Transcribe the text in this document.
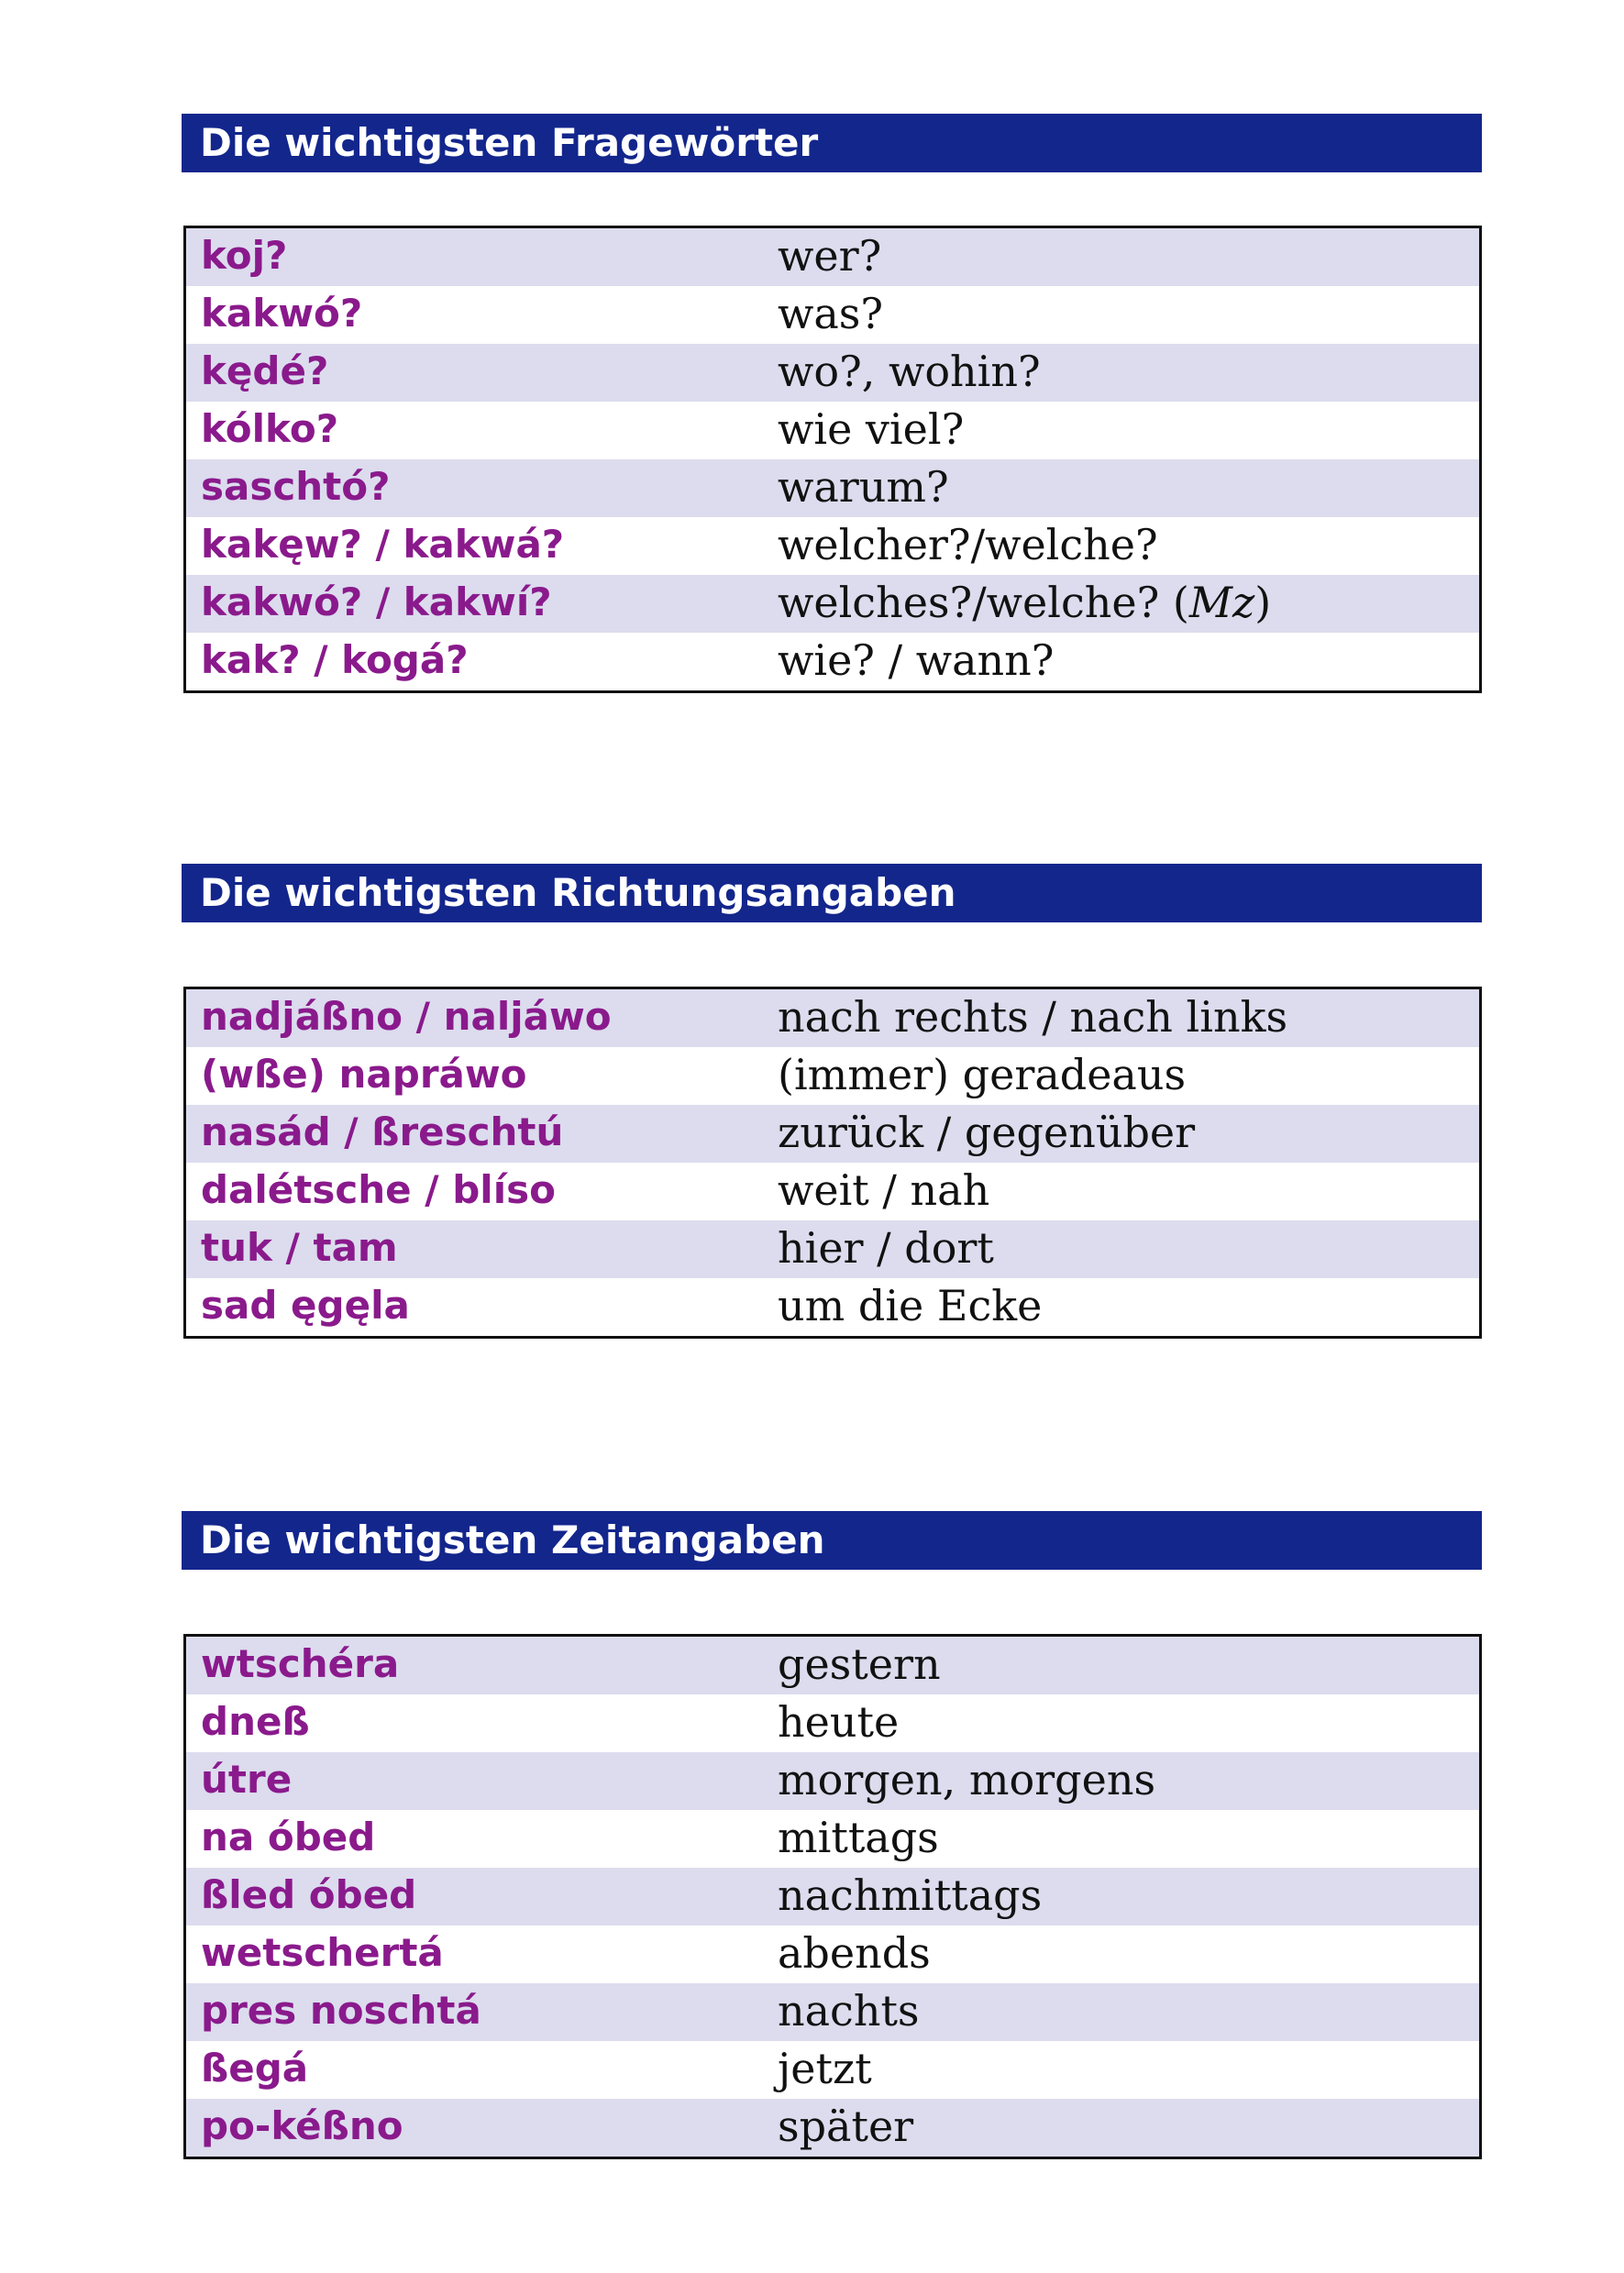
Die wichtigsten Fragewörter
koj?	wer?
kakwó?	was?
kędé?	wo?, wohin?
kólko?	wie viel?
saschtó?	warum?
kakęw? / kakwá?	welcher?/welche?
kakwó? / kakwí?	welches?/welche? (Mz)
kak? / kogá?	wie? / wann?
Die wichtigsten Richtungsangaben
nadjáßno / naljáwo	nach rechts / nach links
(wße) napráwo	(immer) geradeaus
nasád / ßreschtú	zurück / gegenüber
dalétsche / blíso	weit / nah
tuk / tam	hier / dort
sad ęgęla	um die Ecke
Die wichtigsten Zeitangaben
wtschéra	gestern
dneß	heute
útre	morgen, morgens
na óbed	mittags
ßled óbed	nachmittags
wetschertá	abends
pres noschtá	nachts
ßegá	jetzt
po-kéßno	später
